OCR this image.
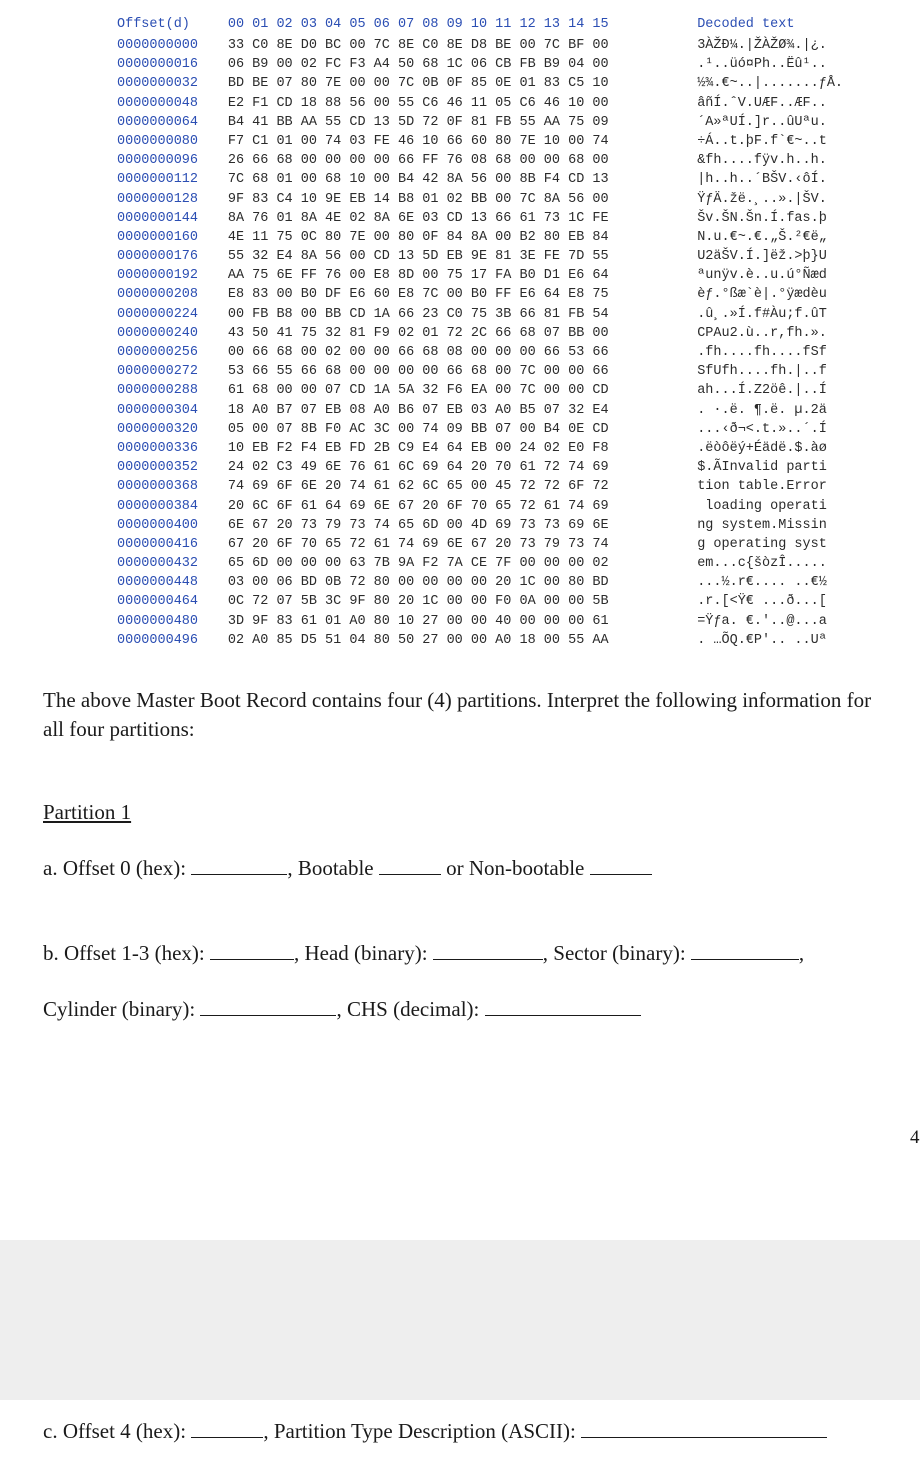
Offset(d)	00 01 02 03 04 05 06 07 08 09 10 11 12 13 14 15	Decoded text
0000000000	33 C0 8E D0 BC 00 7C 8E C0 8E D8 BE 00 7C BF 00	3ÀŽÐ¼.|ŽÀŽØ¾.|¿.
0000000016	06 B9 00 02 FC F3 A4 50 68 1C 06 CB FB B9 04 00	.¹..üó¤Ph..Ëû¹..
0000000032	BD BE 07 80 7E 00 00 7C 0B 0F 85 0E 01 83 C5 10	½¾.€~..|.......ƒÅ.
0000000048	E2 F1 CD 18 88 56 00 55 C6 46 11 05 C6 46 10 00	âñÍ.ˆV.UÆF..ÆF..
0000000064	B4 41 BB AA 55 CD 13 5D 72 0F 81 FB 55 AA 75 09	´A»ªUÍ.]r..ûUªu.
0000000080	F7 C1 01 00 74 03 FE 46 10 66 60 80 7E 10 00 74	÷Á..t.þF.f`€~..t
0000000096	26 66 68 00 00 00 00 66 FF 76 08 68 00 00 68 00	&fh....fÿv.h..h.
0000000112	7C 68 01 00 68 10 00 B4 42 8A 56 00 8B F4 CD 13	|h..h..´BŠV.‹ôÍ.
0000000128	9F 83 C4 10 9E EB 14 B8 01 02 BB 00 7C 8A 56 00	ŸƒÄ.žë.¸..».|ŠV.
0000000144	8A 76 01 8A 4E 02 8A 6E 03 CD 13 66 61 73 1C FE	Šv.ŠN.Šn.Í.fas.þ
0000000160	4E 11 75 0C 80 7E 00 80 0F 84 8A 00 B2 80 EB 84	N.u.€~.€.„Š.²€ë„
0000000176	55 32 E4 8A 56 00 CD 13 5D EB 9E 81 3E FE 7D 55	U2äŠV.Í.]ëž.>þ}U
0000000192	AA 75 6E FF 76 00 E8 8D 00 75 17 FA B0 D1 E6 64	ªunÿv.è..u.ú°Ñæd
0000000208	E8 83 00 B0 DF E6 60 E8 7C 00 B0 FF E6 64 E8 75	èƒ.°ßæ`è|.°ÿædèu
0000000224	00 FB B8 00 BB CD 1A 66 23 C0 75 3B 66 81 FB 54	.û¸.»Í.f#Àu;f.ûT
0000000240	43 50 41 75 32 81 F9 02 01 72 2C 66 68 07 BB 00	CPAu2.ù..r,fh.».
0000000256	00 66 68 00 02 00 00 66 68 08 00 00 00 66 53 66	.fh....fh....fSf
0000000272	53 66 55 66 68 00 00 00 00 66 68 00 7C 00 00 66	SfUfh....fh.|..f
0000000288	61 68 00 00 07 CD 1A 5A 32 F6 EA 00 7C 00 00 CD	ah...Í.Z2öê.|..Í
0000000304	18 A0 B7 07 EB 08 A0 B6 07 EB 03 A0 B5 07 32 E4	. ·.ë. ¶.ë. µ.2ä
0000000320	05 00 07 8B F0 AC 3C 00 74 09 BB 07 00 B4 0E CD	...‹ð¬<.t.»..´.Í
0000000336	10 EB F2 F4 EB FD 2B C9 E4 64 EB 00 24 02 E0 F8	.ëòôëý+Éädë.$.àø
0000000352	24 02 C3 49 6E 76 61 6C 69 64 20 70 61 72 74 69	$.ÃInvalid parti
0000000368	74 69 6F 6E 20 74 61 62 6C 65 00 45 72 72 6F 72	tion table.Error
0000000384	20 6C 6F 61 64 69 6E 67 20 6F 70 65 72 61 74 69	loading operati
0000000400	6E 67 20 73 79 73 74 65 6D 00 4D 69 73 73 69 6E	ng system.Missin
0000000416	67 20 6F 70 65 72 61 74 69 6E 67 20 73 79 73 74	g operating syst
0000000432	65 6D 00 00 00 63 7B 9A F2 7A CE 7F 00 00 00 02	em...c{šòzÎ.....
0000000448	03 00 06 BD 0B 72 80 00 00 00 00 20 1C 00 80 BD	...½.r€.... ..€½
0000000464	0C 72 07 5B 3C 9F 80 20 1C 00 00 F0 0A 00 00 5B	.r.[<Ÿ€ ...ð...[
0000000480	3D 9F 83 61 01 A0 80 10 27 00 00 40 00 00 00 61	=Ÿƒa. €.'..@...a
0000000496	02 A0 85 D5 51 04 80 50 27 00 00 A0 18 00 55 AA	. …ÕQ.€P'.. ..Uª
The above Master Boot Record contains four (4) partitions. Interpret the following information for all four partitions:
Partition 1
a. Offset 0 (hex):	, Bootable	or Non-bootable
b. Offset 1-3 (hex):	, Head (binary):	, Sector (binary):	,
Cylinder (binary):	, CHS (decimal):
4
c. Offset 4 (hex):	, Partition Type Description (ASCII):
